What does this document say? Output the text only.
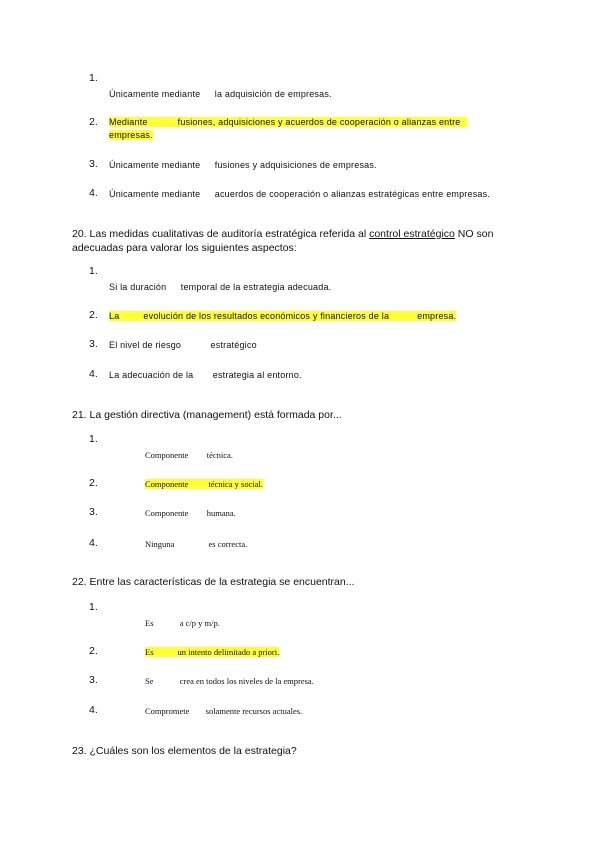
1.
Únicamente mediante la adquisición de empresas.
2. Mediante	fusiones, adquisiciones y acuerdos de cooperación o alianzas entre
empresas.
3. Únicamente mediante fusiones y adquisiciones de empresas.
4. Únicamente mediante acuerdos de cooperación o alianzas estratégicas entre empresas.
20. Las medidas cualitativas de auditoría estratégica referida al control estratégico NO son adecuadas para valorar los siguientes aspectos:
1.
Si la duración temporal de la estrategia adecuada.
2. La	evolución de los resultados económicos y financieros de la	empresa.
3. El nivel de riesgo	estratégico
4. La adecuación de la estrategia al entorno.
21. La gestión directiva (management) está formada por...
1.
Componente técnica.
2.	Componente técnica y social.
3.	Componente humana.
4.	Ninguna	es correcta.
22. Entre las características de la estrategia se encuentran...
1.
Es	a c/p y m/p.
2.	Es	un intento delimitado a priori.
3.	Se	crea en todos los niveles de la empresa.
4.	Compromete solamente recursos actuales.
23. ¿Cuáles son los elementos de la estrategia?
